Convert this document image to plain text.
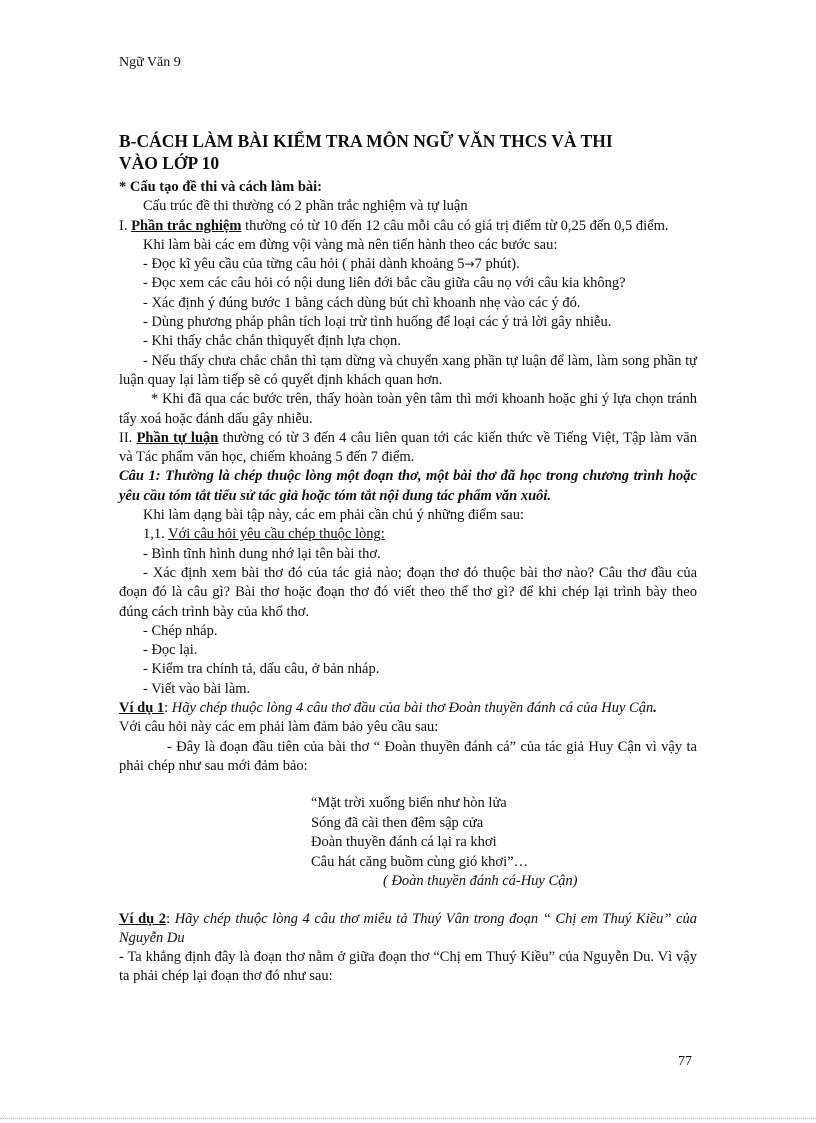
Ngữ Văn 9
B-CÁCH LÀM BÀI KIỂM TRA MÔN NGỮ VĂN THCS VÀ THI
VÀO LỚP 10

* Cấu tạo đề thi và cách làm bài:

Cấu trúc đề thi thường có 2 phần trắc nghiệm và tự luận

I. Phần trắc nghiệm thường có từ 10 đến 12 câu mỗi câu có giá trị điểm từ 0,25 đến 0,5 điểm.

Khi làm bài các em đừng vội vàng mà nên tiến hành theo các bước sau:

- Đọc kĩ yêu cầu của từng câu hỏi ( phải dành khoảng 5→7 phút).

- Đọc xem các câu hỏi có nội dung liên đới bắc cầu giữa câu nọ với câu kia không?

- Xác định ý đúng bước 1 bằng cách dùng bút chì khoanh nhẹ vào các ý đó.

- Dùng phương pháp phân tích loại trừ tình huống để loại các ý trả lời gây nhiễu.

- Khi thấy chắc chắn thìquyết định lựa chọn.

- Nếu thấy chưa chắc chắn thì tạm dừng và chuyển xang phần tự luận để làm, làm song phần tự luận quay lại làm tiếp sẽ có quyết định khách quan hơn.

* Khi đã qua các bước trên, thấy hoàn toàn yên tâm thì mới khoanh hoặc ghi ý lựa chọn tránh tẩy xoá hoặc đánh dấu gây nhiễu.

II. Phần tự luận thường có từ 3 đến 4 câu liên quan tới các kiến thức về Tiếng Việt, Tập làm văn và Tác phẩm văn học, chiếm khoảng 5 đến 7 điểm.

Câu 1: Thường là chép thuộc lòng một đoạn thơ, một bài thơ đã học trong chương trình hoặc yêu cầu tóm tắt tiểu sử tác giả hoặc tóm tắt nội dung tác phẩm văn xuôi.

Khi làm dạng bài tập này, các em phải cần chú ý những điểm sau:

1,1. Với câu hỏi yêu cầu chép thuộc lòng:

- Bình tĩnh hình dung nhớ lại tên bài thơ.

- Xác định xem bài thơ đó của tác giả nào; đoạn thơ đó thuộc bài thơ nào? Câu thơ đầu của đoạn đó là câu gì? Bài thơ hoặc đoạn thơ đó viết theo thể thơ gì? để khi chép lại trình bày theo đúng cách trình bày của khổ thơ.

- Chép nháp.

- Đọc lại.

- Kiểm tra chính tả, dấu câu, ở bản nháp.

- Viết vào bài làm.

Ví dụ 1: Hãy chép thuộc lòng 4 câu thơ đầu của bài thơ Đoàn thuyền đánh cá của Huy Cận.

Với câu hỏi này các em phải làm đảm bảo yêu cầu sau:

- Đây là đoạn đầu tiên của bài thơ “ Đoàn thuyền đánh cá” của tác giả Huy Cận vì vậy ta phải chép như sau mới đảm bảo:

“Mặt trời xuống biển như hòn lửa
Sóng đã cài then đêm sập cửa
Đoàn thuyền đánh cá lại ra khơi
Câu hát căng buồm cùng gió khơi”…
( Đoàn thuyền đánh cá-Huy Cận)

Ví dụ 2: Hãy chép thuộc lòng 4 câu thơ miêu tả Thuý Vân trong đoạn “ Chị em Thuý Kiều” của Nguyễn Du

- Ta khẳng định đây là đoạn thơ nằm ở giữa đoạn thơ “Chị em Thuý Kiều” của Nguyễn Du. Vì vậy ta phải chép lại đoạn thơ đó như sau:

77
